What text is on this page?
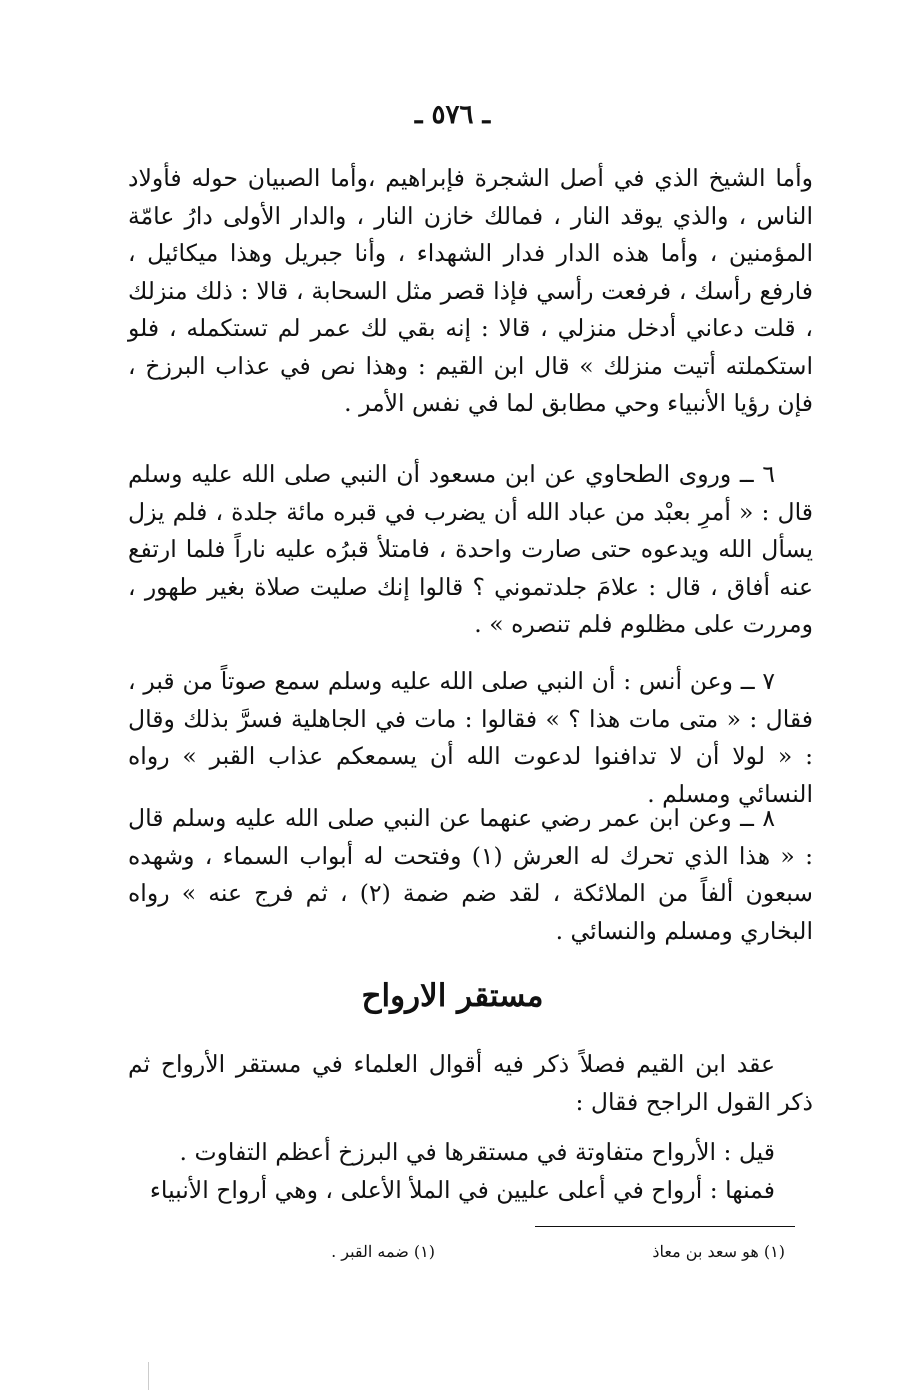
ـ ٥٧٦ ـ

وأما الشيخ الذي في أصل الشجرة فإبراهيم ،وأما الصبيان حوله فأولاد الناس ، والذي يوقد النار ، فمالك خازن النار ، والدار الأولى دارُ عامّة المؤمنين ، وأما هذه الدار فدار الشهداء ، وأنا جبريل وهذا ميكائيل ، فارفع رأسك ، فرفعت رأسي فإذا قصر مثل السحابة ، قالا : ذلك منزلك ، قلت دعاني أدخل منزلي ، قالا : إنه بقي لك عمر لم تستكمله ، فلو استكملته أتيت منزلك » قال ابن القيم : وهذا نص في عذاب البرزخ ، فإن رؤيا الأنبياء وحي مطابق لما في نفس الأمر .

٦ ــ وروى الطحاوي عن ابن مسعود أن النبي صلى الله عليه وسلم قال : « أمرِ بعبْد من عباد الله أن يضرب في قبره مائة جلدة ، فلم يزل يسأل الله ويدعوه حتى صارت واحدة ، فامتلأ قبرُه عليه ناراً فلما ارتفع عنه أفاق ، قال : علامَ جلدتموني ؟ قالوا إنك صليت صلاة بغير طهور ، ومررت على مظلوم فلم تنصره » .

٧ ــ وعن أنس : أن النبي صلى الله عليه وسلم سمع صوتاً من قبر ، فقال : « متى مات هذا ؟ » فقالوا : مات في الجاهلية فسرَّ بذلك وقال : « لولا أن لا تدافنوا لدعوت الله أن يسمعكم عذاب القبر » رواه النسائي ومسلم .

٨ ــ وعن ابن عمر رضي عنهما عن النبي صلى الله عليه وسلم قال : « هذا الذي تحرك له العرش (١) وفتحت له أبواب السماء ، وشهده سبعون ألفاً من الملائكة ، لقد ضم ضمة (٢) ، ثم فرج عنه » رواه البخاري ومسلم والنسائي .

مستقر الارواح

عقد ابن القيم فصلاً ذكر فيه أقوال العلماء في مستقر الأرواح ثم ذكر القول الراجح فقال :

قيل : الأرواح متفاوتة في مستقرها في البرزخ أعظم التفاوت .

فمنها : أرواح في أعلى عليين في الملأ الأعلى ، وهي أرواح الأنبياء

(١) هو سعد بن معاذ
(١) ضمه القبر .
